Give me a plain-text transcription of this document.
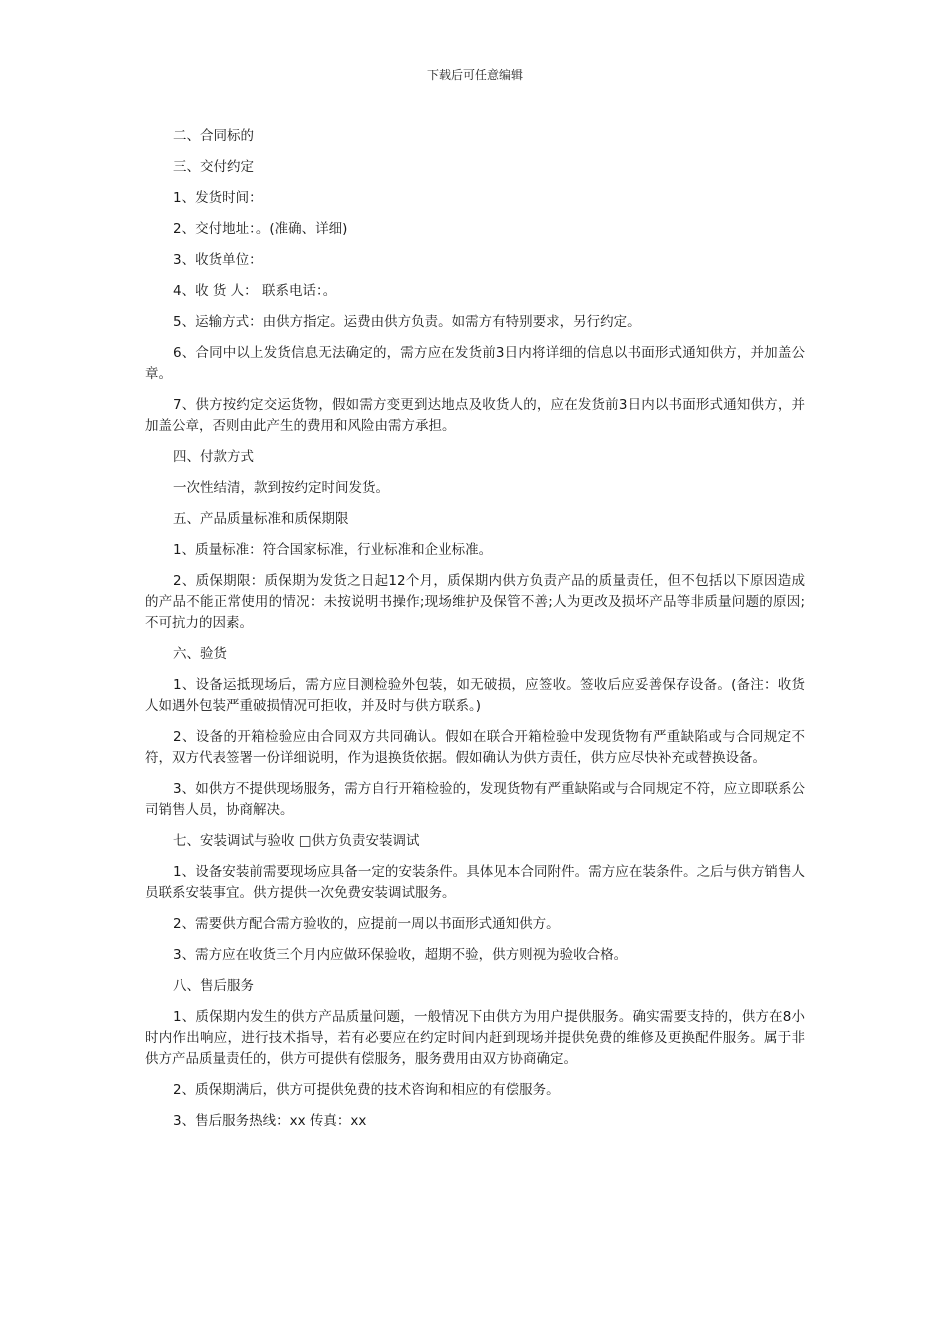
下载后可任意编辑

二、合同标的

三、交付约定

1、发货时间：

2、交付地址：。(准确、详细)

3、收货单位：

4、收 货 人： 联系电话：。

5、运输方式：由供方指定。运费由供方负责。如需方有特别要求，另行约定。

6、合同中以上发货信息无法确定的，需方应在发货前3日内将详细的信息以书面形式通知供方，并加盖公章。

7、供方按约定交运货物，假如需方变更到达地点及收货人的，应在发货前3日内以书面形式通知供方，并加盖公章，否则由此产生的费用和风险由需方承担。

四、付款方式

一次性结清，款到按约定时间发货。

五、产品质量标准和质保期限

1、质量标准：符合国家标准，行业标准和企业标准。

2、质保期限：质保期为发货之日起12个月，质保期内供方负责产品的质量责任，但不包括以下原因造成的产品不能正常使用的情况：未按说明书操作;现场维护及保管不善;人为更改及损坏产品等非质量问题的原因;不可抗力的因素。

六、验货

1、设备运抵现场后，需方应目测检验外包装，如无破损，应签收。签收后应妥善保存设备。(备注：收货人如遇外包装严重破损情况可拒收，并及时与供方联系。)

2、设备的开箱检验应由合同双方共同确认。假如在联合开箱检验中发现货物有严重缺陷或与合同规定不符，双方代表签署一份详细说明，作为退换货依据。假如确认为供方责任，供方应尽快补充或替换设备。

3、如供方不提供现场服务，需方自行开箱检验的，发现货物有严重缺陷或与合同规定不符，应立即联系公司销售人员，协商解决。

七、安装调试与验收 □供方负责安装调试

1、设备安装前需要现场应具备一定的安装条件。具体见本合同附件。需方应在装条件。之后与供方销售人员联系安装事宜。供方提供一次免费安装调试服务。

2、需要供方配合需方验收的，应提前一周以书面形式通知供方。

3、需方应在收货三个月内应做环保验收，超期不验，供方则视为验收合格。

八、售后服务

1、质保期内发生的供方产品质量问题，一般情况下由供方为用户提供服务。确实需要支持的，供方在8小时内作出响应，进行技术指导，若有必要应在约定时间内赶到现场并提供免费的维修及更换配件服务。属于非供方产品质量责任的，供方可提供有偿服务，服务费用由双方协商确定。

2、质保期满后，供方可提供免费的技术咨询和相应的有偿服务。

3、售后服务热线：xx 传真：xx
